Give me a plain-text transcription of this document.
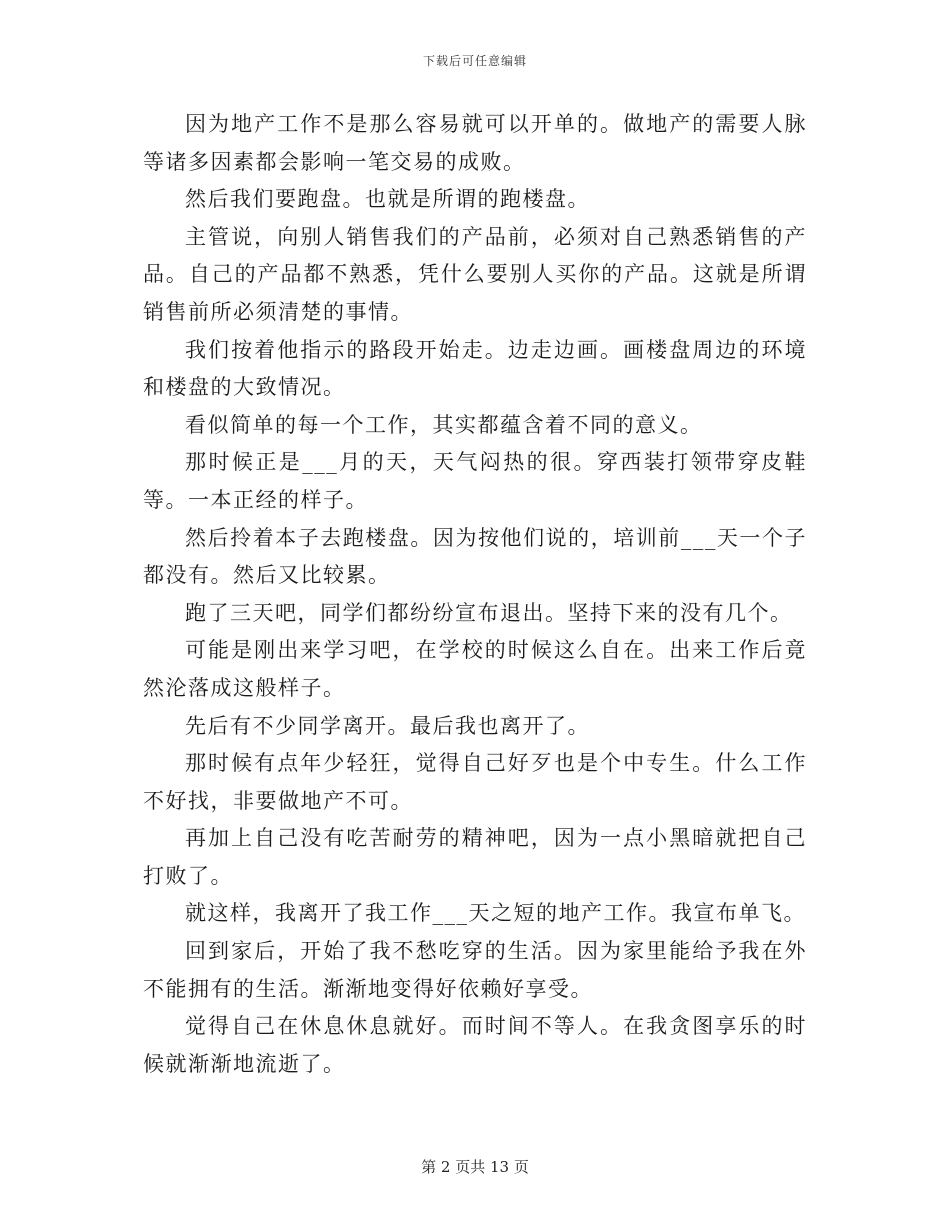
下载后可任意编辑

因为地产工作不是那么容易就可以开单的。做地产的需要人脉等诸多因素都会影响一笔交易的成败。

然后我们要跑盘。也就是所谓的跑楼盘。

主管说，向别人销售我们的产品前，必须对自己熟悉销售的产品。自己的产品都不熟悉，凭什么要别人买你的产品。这就是所谓销售前所必须清楚的事情。

我们按着他指示的路段开始走。边走边画。画楼盘周边的环境和楼盘的大致情况。

看似简单的每一个工作，其实都蕴含着不同的意义。

那时候正是___月的天，天气闷热的很。穿西装打领带穿皮鞋等。一本正经的样子。

然后拎着本子去跑楼盘。因为按他们说的，培训前___天一个子都没有。然后又比较累。

跑了三天吧，同学们都纷纷宣布退出。坚持下来的没有几个。

可能是刚出来学习吧，在学校的时候这么自在。出来工作后竟然沦落成这般样子。

先后有不少同学离开。最后我也离开了。

那时候有点年少轻狂，觉得自己好歹也是个中专生。什么工作不好找，非要做地产不可。

再加上自己没有吃苦耐劳的精神吧，因为一点小黑暗就把自己打败了。

就这样，我离开了我工作___天之短的地产工作。我宣布单飞。

回到家后，开始了我不愁吃穿的生活。因为家里能给予我在外不能拥有的生活。渐渐地变得好依赖好享受。

觉得自己在休息休息就好。而时间不等人。在我贪图享乐的时候就渐渐地流逝了。

第 2 页共 13 页
